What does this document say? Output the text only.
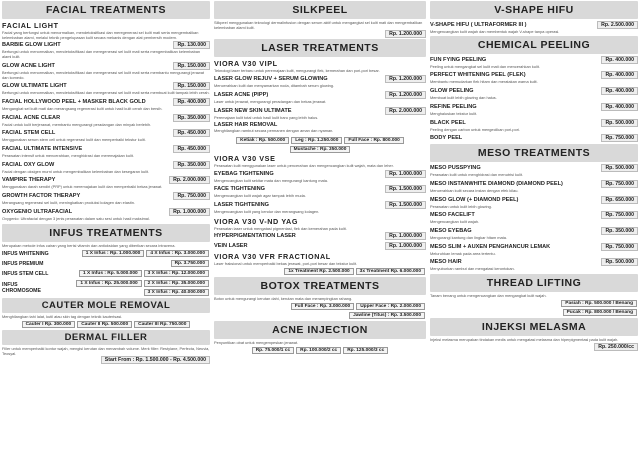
FACIAL TREATMENTS
FACIAL LIGHT
Facial yang berfungsi untuk menormalkan, mendetoksifikasi dan meregenerasi sel kulit mati serta mengembalikan kelembaban alami, melalui teknik pengelupasan kulit secara mekanis dengan alat pembersih modern.
BARBIE GLOW LIGHT	Rp. 130.000
Berfungsi untuk menormalkan, mendetoksifikasi dan meregenerasi sel kulit mati serta mengembalikan kelembaban alami kulit.
GLOW ACNE LIGHT	Rp. 150.000
Berfungsi untuk menormalkan, mendetoksifikasi dan meregenerasi sel kulit mati serta membantu mengurangi jerawat dan komedo.
GLOW ULTIMATE LIGHT	Rp. 150.000
Berfungsi untuk menormalkan, mendetoksifikasi dan meregenerasi sel kulit mati serta membuat kulit tampak lebih cerah.
FACIAL HOLLYWOOD PEEL + MASKER BLACK GOLD	Rp. 400.000
Mengangkat sel kulit mati dan merangsang regenerasi kulit untuk hasil kulit cerah dan bersih.
FACIAL ACNE CLEAR	Rp. 350.000
Facial untuk kulit berjerawat, membantu mengurangi peradangan dan minyak berlebih.
FACIAL STEM CELL	Rp. 450.000
Menggunakan serum stem cell untuk regenerasi kulit dan memperbaiki tekstur kulit.
FACIAL ULTIMATE INTENSIVE	Rp. 450.000
Perawatan intensif untuk mencerahkan, menghidrasi dan meremajakan kulit.
FACIAL OXY GLOW	Rp. 350.000
Facial dengan oksigen murni untuk mengembalikan kelembaban dan kesegaran kulit.
VAMPIRE THERAPY	Rp. 2.000.000
Menggunakan darah sendiri (PRP) untuk meremajakan kulit dan memperbaiki bekas jerawat.
GROWTH FACTOR THERAPY	Rp. 750.000
Merangsang regenerasi sel kulit, meningkatkan produksi kolagen dan elastin.
OXYGENIO ULTRAFACIAL	Rp. 1.000.000
Oxygenio: Ultrafacial dengan 3 jenis perawatan dalam satu sesi untuk hasil maksimal.
INFUS TREATMENTS
Merupakan metode infus cairan yang berisi vitamin dan antioksidan yang diberikan secara intravena.
INFUS WHITENING	1 X Infus : Rp. 1.000.000	4 X Infus : Rp. 3.000.000
INFUS PREMIUM	Rp. 3.750.000
INFUS STEM CELL	1 X Infus : Rp. 5.000.000	3 X Infus : Rp. 12.000.000
INFUS CHROMOSOME
1 X Infus : Rp. 25.000.000	2 X Infus : Rp. 35.000.000
3 X Infus : Rp. 40.000.000
CAUTER MOLE REMOVAL
Menghilangkan tahi lalat, kutil atau skin tag dengan teknik kauterisasi.
Cauter I Rp. 300.000	Cauter II Rp. 500.000	Cauter III Rp. 750.000
DERMAL FILLER
Filler untuk memperbaiki kontur wajah, mengisi kerutan dan menambah volume. Merk filler: Restylane, Perfecta, Neuvia, Teosyal.
Start From : Rp. 1.500.000 - Rp. 4.500.000
SILKPEEL
Silkpeel menggunakan teknologi dermalinfusion dengan serum aktif untuk mengangkat sel kulit mati dan mengembalikan kelembaban alami kulit.
Rp. 1.200.000
LASER TREATMENTS
VIORA V30 VIPL
Teknologi laser terbaru untuk peremajaan kulit, mengurangi flek, kemerahan dan pori-pori besar.
LASER GLOW REJUV + SERUM GLOWING	Rp. 1.200.000
Mencerahkan kulit dan menyamarkan noda, ditambah serum glowing.
LASER ACNE (PIPP)	Rp. 1.200.000
Laser untuk jerawat, mengurangi peradangan dan bekas jerawat.
LASER NEW SKIN ULTIMATE	Rp. 2.000.000
Peremajaan kulit total untuk hasil kulit baru yang lebih halus.
LASER HAIR REMOVAL
Menghilangkan rambut secara permanen dengan aman dan nyaman.
Ketiak : Rp. 500.000	Leg : Rp. 1.250.000	Full Face : Rp. 800.000
Mustache : Rp. 350.000
VIORA V30 VSE
Perawatan kulit menggunakan laser untuk pencerahan dan mengencangkan kulit wajah, mata dan leher.
EYEBAG TIGHTENING	Rp. 1.000.000
Mengencangkan kulit sekitar mata dan mengurangi kantung mata.
FACE TIGHTENING	Rp. 1.500.000
Mengencangkan kulit wajah agar tampak lebih muda.
LASER TIGHTENING	Rp. 1.500.000
Mengencangkan kulit yang kendur dan merangsang kolagen.
VIORA V30 V-ND YAG
Perawatan laser untuk mengatasi pigmentasi, flek dan kemerahan pada kulit.
HYPERPIGMENTATION LASER	Rp. 1.000.000
VEIN LASER	Rp. 1.000.000
VIORA V30 VFR FRACTIONAL
Laser fraksional untuk memperbaiki bekas jerawat, pori-pori besar dan tekstur kulit.
1x Treatment Rp. 2.500.000	3x Treatment Rp. 6.000.000
BOTOX TREATMENTS
Botox untuk mengurangi kerutan dahi, kerutan mata dan merampingkan rahang.
Full Face : Rp. 3.000.000	Upper Face : Rp. 2.000.000
Jawline (Titus) : Rp. 3.500.000
ACNE INJECTION
Penyuntikan obat untuk mengempeskan jerawat.
Rp. 75.000/1 cc	Rp. 100.000/2 cc	Rp. 125.000/3 cc
V-SHAPE HIFU
V-SHAPE HIFU ( ULTRAFORMER III )	Rp. 2.500.000
Mengencangkan kulit wajah dan membentuk wajah V-shape tanpa operasi.
CHEMICAL PEELING
FUN FYING PEELING	Rp. 400.000
Peeling untuk mengangkat sel kulit mati dan mencerahkan kulit.
PERFECT WHITENING PEEL (FLEK)	Rp. 400.000
Membantu memudarkan flek hitam dan meratakan warna kulit.
GLOW PEELING	Rp. 400.000
Membuat kulit lebih glowing dan halus.
REFINE PEELING	Rp. 400.000
Menghaluskan tekstur kulit.
BLACK PEEL	Rp. 500.000
Peeling dengan carbon untuk mengecilkan pori-pori.
BODY PEEL	Rp. 750.000
MESO TREATMENTS
MESO PUSSPYING	Rp. 500.000
Perawatan kulit untuk menghidrasi dan menutrisi kulit.
MESO INSTANWHITE DIAMOND (DIAMOND PEEL)	Rp. 750.000
Mencerahkan kulit secara instan dengan efek kilau.
MESO GLOW (+ DIAMOND PEEL)	Rp. 650.000
Perawatan untuk kulit lebih glowing.
MESO FACELIFT	Rp. 750.000
Mengencangkan kulit wajah.
MESO EYEBAG	Rp. 350.000
Mengurangi kantung dan lingkar hitam mata.
MESO SLIM + AUXEN PENGHANCUR LEMAK	Rp. 750.000
Meluruhkan lemak pada area tertentu.
MESO HAIR	Rp. 500.000
Menyuburkan rambut dan mengatasi kerontokan.
THREAD LIFTING
Tanam benang untuk mengencangkan dan mengangkat kulit wajah.
Pasiah : Rp. 500.000 / Benang
Pucak : Rp. 800.000 / Benang
INJEKSI MELASMA
Injeksi melasma merupakan tindakan medis untuk mengatasi melasma dan hiperpigmentasi pada kulit wajah.
Rp. 250.000/cc
